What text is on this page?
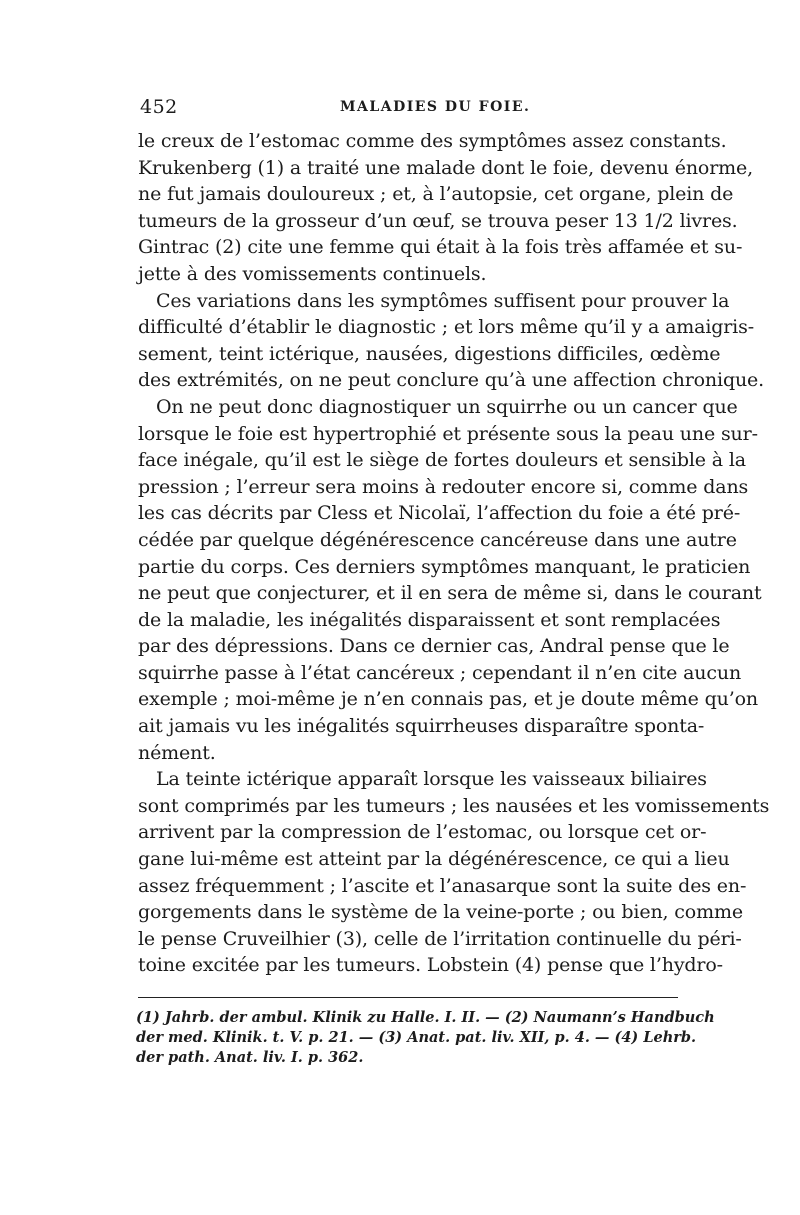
452	MALADIES DU FOIE.
le creux de l’estomac comme des symptômes assez constants.
Krukenberg (1) a traité une malade dont le foie, devenu énorme,
ne fut jamais douloureux ; et, à l’autopsie, cet organe, plein de
tumeurs de la grosseur d’un œuf, se trouva peser 13 1/2 livres.
Gintrac (2) cite une femme qui était à la fois très affamée et su-
jette à des vomissements continuels.
Ces variations dans les symptômes suffisent pour prouver la
difficulté d’établir le diagnostic ; et lors même qu’il y a amaigris-
sement, teint ictérique, nausées, digestions difficiles, œdème
des extrémités, on ne peut conclure qu’à une affection chronique.
On ne peut donc diagnostiquer un squirrhe ou un cancer que
lorsque le foie est hypertrophié et présente sous la peau une sur-
face inégale, qu’il est le siège de fortes douleurs et sensible à la
pression ; l’erreur sera moins à redouter encore si, comme dans
les cas décrits par Cless et Nicolaï, l’affection du foie a été pré-
cédée par quelque dégénérescence cancéreuse dans une autre
partie du corps. Ces derniers symptômes manquant, le praticien
ne peut que conjecturer, et il en sera de même si, dans le courant
de la maladie, les inégalités disparaissent et sont remplacées
par des dépressions. Dans ce dernier cas, Andral pense que le
squirrhe passe à l’état cancéreux ; cependant il n’en cite aucun
exemple ; moi-même je n’en connais pas, et je doute même qu’on
ait jamais vu les inégalités squirrheuses disparaître sponta-
nément.
La teinte ictérique apparaît lorsque les vaisseaux biliaires
sont comprimés par les tumeurs ; les nausées et les vomissements
arrivent par la compression de l’estomac, ou lorsque cet or-
gane lui-même est atteint par la dégénérescence, ce qui a lieu
assez fréquemment ; l’ascite et l’anasarque sont la suite des en-
gorgements dans le système de la veine-porte ; ou bien, comme
le pense Cruveilhier (3), celle de l’irritation continuelle du péri-
toine excitée par les tumeurs. Lobstein (4) pense que l’hydro-
(1) Jahrb. der ambul. Klinik zu Halle. I. II. — (2) Naumann’s Handbuch
der med. Klinik. t. V. p. 21. — (3) Anat. pat. liv. XII, p. 4. — (4) Lehrb.
der path. Anat. liv. I. p. 362.
